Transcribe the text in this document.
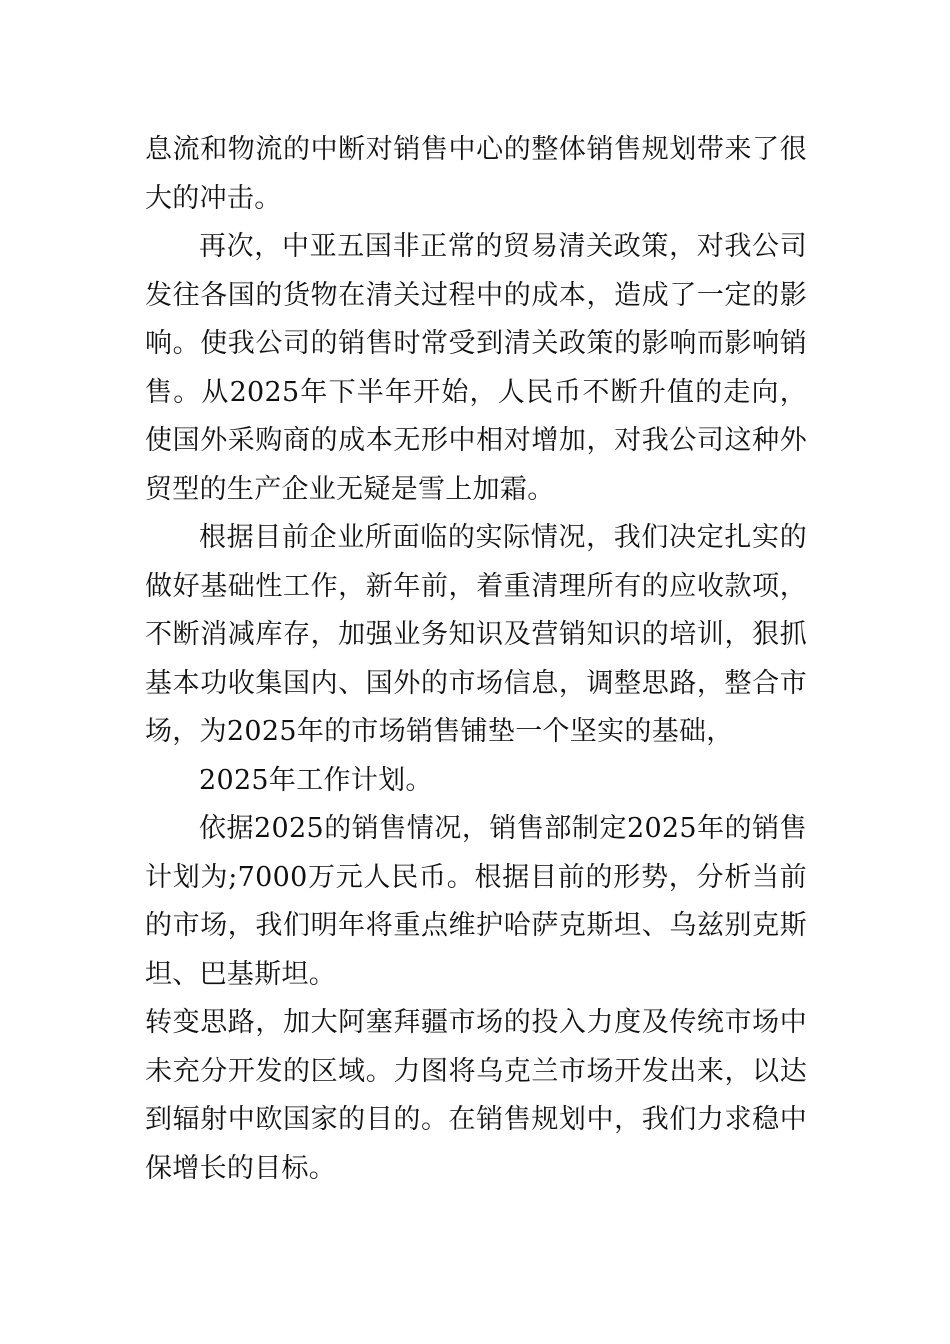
息流和物流的中断对销售中心的整体销售规划带来了很大的冲击。

再次，中亚五国非正常的贸易清关政策，对我公司发往各国的货物在清关过程中的成本，造成了一定的影响。使我公司的销售时常受到清关政策的影响而影响销售。从2025年下半年开始，人民币不断升值的走向，使国外采购商的成本无形中相对增加，对我公司这种外贸型的生产企业无疑是雪上加霜。

根据目前企业所面临的实际情况，我们决定扎实的做好基础性工作，新年前，着重清理所有的应收款项，不断消减库存，加强业务知识及营销知识的培训，狠抓基本功收集国内、国外的市场信息，调整思路，整合市场，为2025年的市场销售铺垫一个坚实的基础，

2025年工作计划。

依据2025的销售情况，销售部制定2025年的销售计划为;7000万元人民币。根据目前的形势，分析当前的市场，我们明年将重点维护哈萨克斯坦、乌兹别克斯坦、巴基斯坦。

转变思路，加大阿塞拜疆市场的投入力度及传统市场中未充分开发的区域。力图将乌克兰市场开发出来，以达到辐射中欧国家的目的。在销售规划中，我们力求稳中保增长的目标。
